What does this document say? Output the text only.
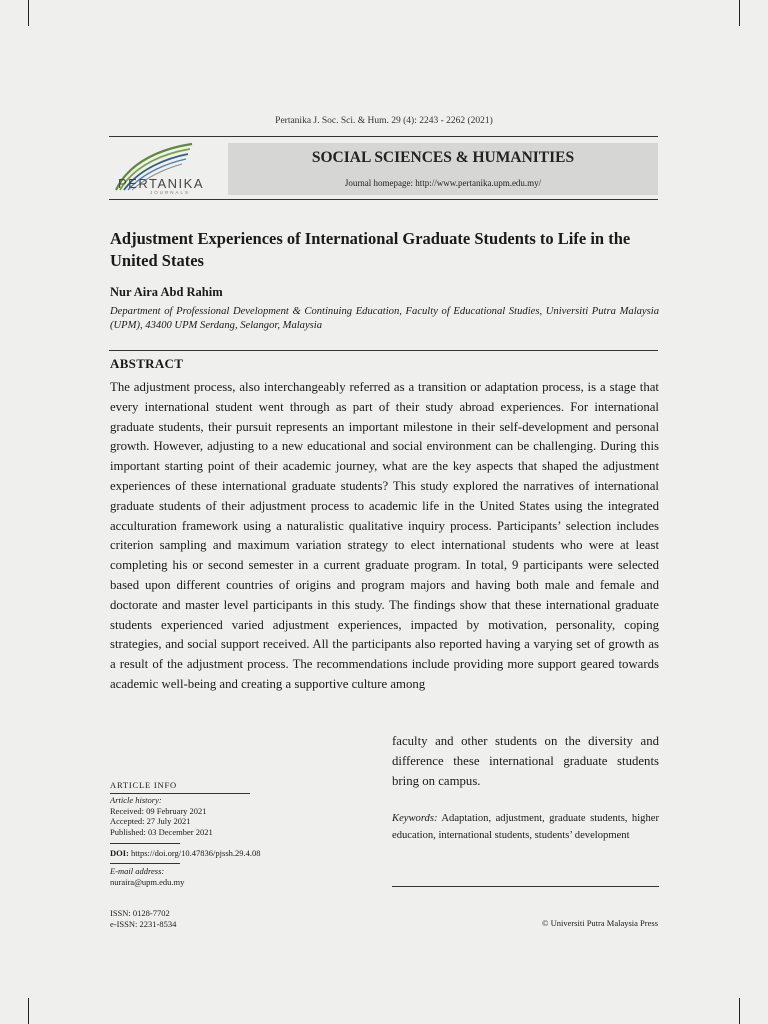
Pertanika J. Soc. Sci. & Hum. 29 (4): 2243 - 2262 (2021)
PERTANIKA
JOURNALS
SOCIAL SCIENCES & HUMANITIES
Journal homepage: http://www.pertanika.upm.edu.my/
Adjustment Experiences of International Graduate Students to Life in the United States
Nur Aira Abd Rahim
Department of Professional Development & Continuing Education, Faculty of Educational Studies, Universiti Putra Malaysia (UPM), 43400 UPM Serdang, Selangor, Malaysia
ABSTRACT
The adjustment process, also interchangeably referred as a transition or adaptation process, is a stage that every international student went through as part of their study abroad experiences. For international graduate students, their pursuit represents an important milestone in their self-development and personal growth. However, adjusting to a new educational and social environment can be challenging. During this important starting point of their academic journey, what are the key aspects that shaped the adjustment experiences of these international graduate students? This study explored the narratives of international graduate students of their adjustment process to academic life in the United States using the integrated acculturation framework using a naturalistic qualitative inquiry process. Participants’ selection includes criterion sampling and maximum variation strategy to elect international students who were at least completing his or second semester in a current graduate program. In total, 9 participants were selected based upon different countries of origins and program majors and having both male and female and doctorate and master level participants in this study. The findings show that these international graduate students experienced varied adjustment experiences, impacted by motivation, personality, coping strategies, and social support received. All the participants also reported having a varying set of growth as a result of the adjustment process. The recommendations include providing more support geared towards academic well-being and creating a supportive culture among
faculty and other students on the diversity and difference these international graduate students bring on campus.
ARTICLE INFO
Article history:
Received: 09 February 2021
Accepted: 27 July 2021
Published: 03 December 2021
DOI: https://doi.org/10.47836/pjssh.29.4.08
E-mail address:
nuraira@upm.edu.my
ISSN: 0128-7702
e-ISSN: 2231-8534
Keywords: Adaptation, adjustment, graduate students, higher education, international students, students’ development
© Universiti Putra Malaysia Press
